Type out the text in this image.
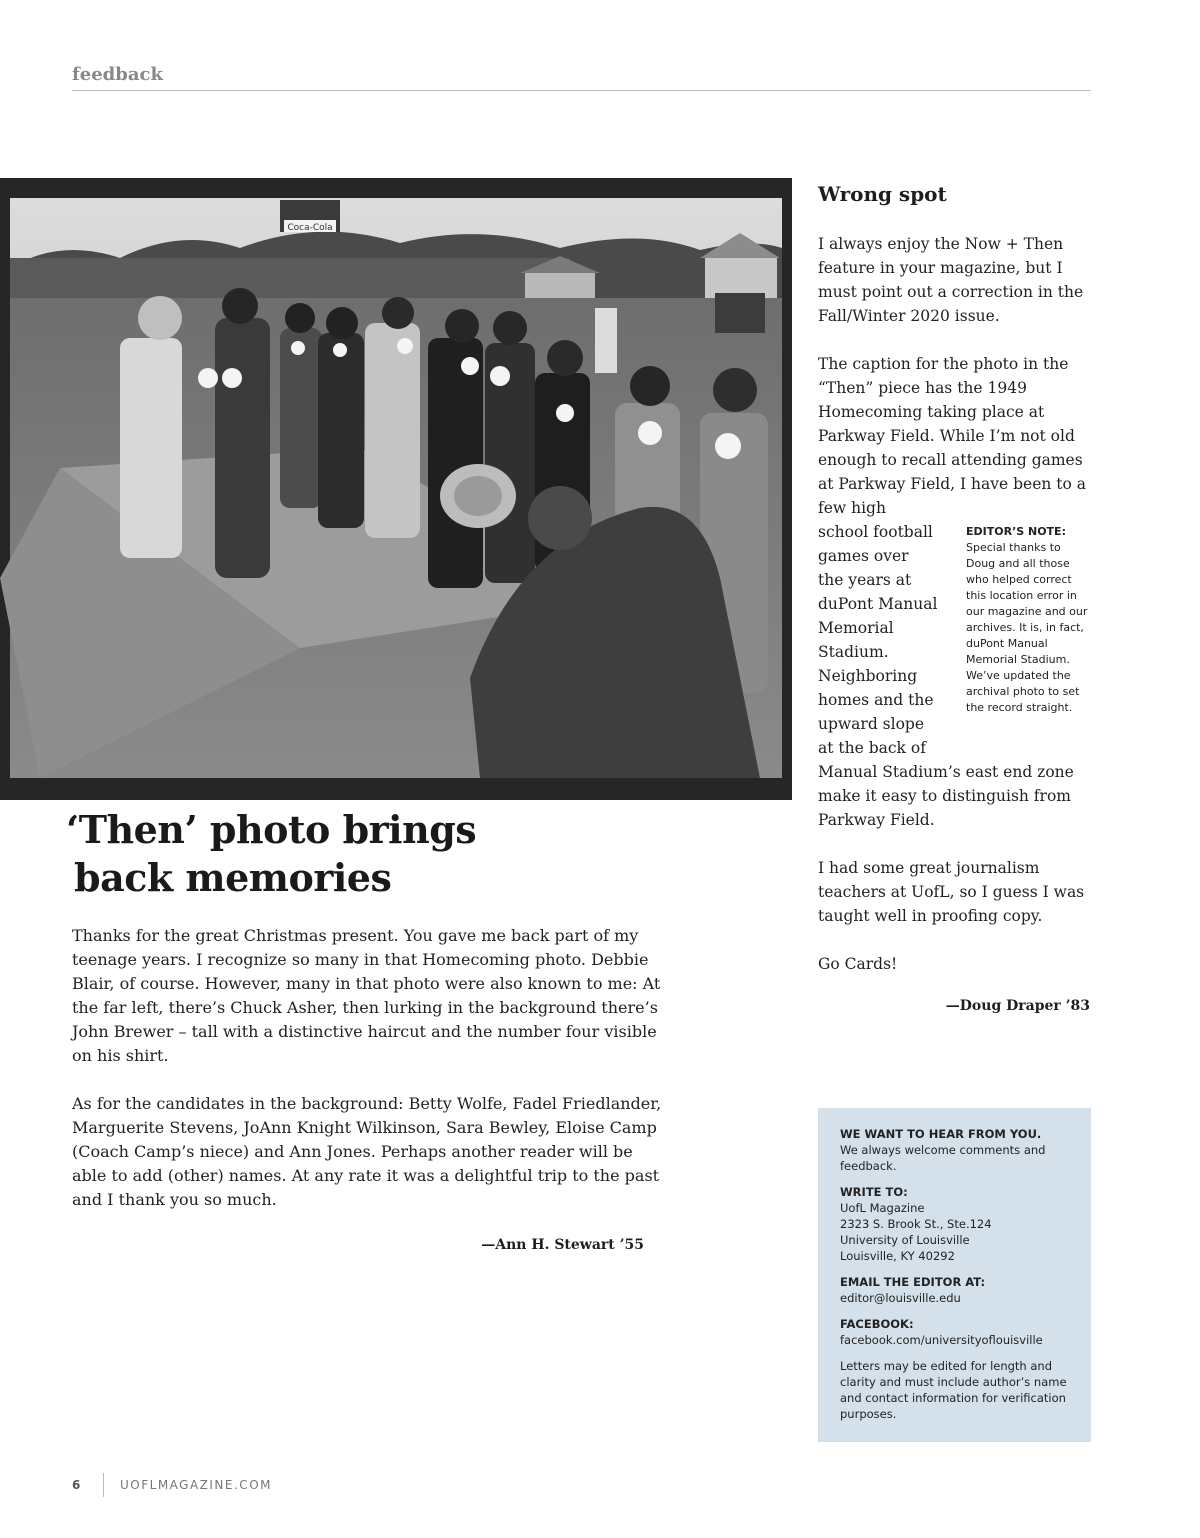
feedback
Coca-Cola
‘Then’ photo brings
back memories

Thanks for the great Christmas present. You gave me back part of my teenage years. I recognize so many in that Homecoming photo. Debbie Blair, of course. However, many in that photo were also known to me: At the far left, there’s Chuck Asher, then lurking in the background there’s John Brewer – tall with a distinctive haircut and the number four visible on his shirt.

As for the candidates in the background: Betty Wolfe, Fadel Friedlander, Marguerite Stevens, JoAnn Knight Wilkinson, Sara Bewley, Eloise Camp (Coach Camp’s niece) and Ann Jones. Perhaps another reader will be able to add (other) names. At any rate it was a delightful trip to the past and I thank you so much.

—Ann H. Stewart ’55
Wrong spot

I always enjoy the Now + Then feature in your magazine, but I must point out a correction in the Fall/Winter 2020 issue.

The caption for the photo in the “Then” piece has the 1949 Homecoming taking place at Parkway Field. While I’m not old enough to recall attending games at Parkway Field, I have been to a few high
school football
games over
the years at
duPont Manual
Memorial
Stadium.
Neighboring
homes and the
upward slope
at the back of
Manual Stadium’s east end zone make it easy to distinguish from Parkway Field.

I had some great journalism teachers at UofL, so I guess I was taught well in proofing copy.

Go Cards!

EDITOR’S NOTE:
Special thanks to Doug and all those who helped correct this location error in our magazine and our archives. It is, in fact, duPont Manual Memorial Stadium. We’ve updated the archival photo to set the record straight.
—Doug Draper ’83
WE WANT TO HEAR FROM YOU.
We always welcome comments and feedback.
WRITE TO:
UofL Magazine
2323 S. Brook St., Ste.124
University of Louisville
Louisville, KY 40292
EMAIL THE EDITOR AT:
editor@louisville.edu
FACEBOOK:
facebook.com/universityoflouisville
Letters may be edited for length and clarity and must include author’s name and contact information for verification purposes.
6	UOFLMAGAZINE.COM
